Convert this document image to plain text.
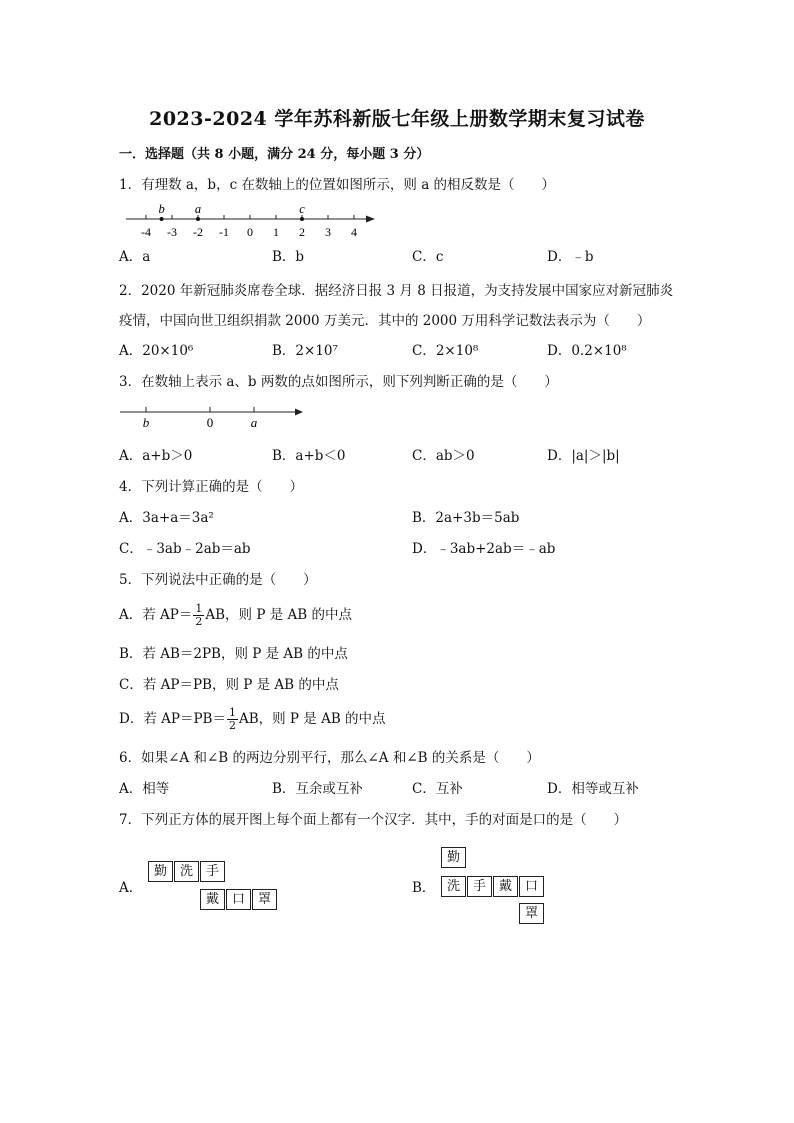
2023-2024 学年苏科新版七年级上册数学期末复习试卷
一．选择题（共 8 小题，满分 24 分，每小题 3 分）
1．有理数 a，b，c 在数轴上的位置如图所示，则 a 的相反数是（　　）
-4 -3 -2 -1 0 1 2 3 4
b a	c
A．a	B．b	C．c	D．﹣b
2．2020 年新冠肺炎席卷全球．据经济日报 3 月 8 日报道，为支持发展中国家应对新冠肺炎
疫情，中国向世卫组织捐款 2000 万美元．其中的 2000 万用科学记数法表示为（　　）
A．20×10⁶	B．2×10⁷	C．2×10⁸	D．0.2×10⁸
3．在数轴上表示 a、b 两数的点如图所示，则下列判断正确的是（　　）
b	0	a
A．a+b＞0	B．a+b＜0	C．ab＞0	D．|a|＞|b|
4．下列计算正确的是（　　）
A．3a+a＝3a²	B．2a+3b＝5ab
C．﹣3ab﹣2ab＝ab	D．﹣3ab+2ab＝﹣ab
5．下列说法中正确的是（　　）
A．若 $AP= \frac{1}{2}$ AB，则 P 是 AB 的中点
B．若 AB＝2PB，则 P 是 AB 的中点
C．若 AP＝PB，则 P 是 AB 的中点
D．若 $AP=PB= \frac{1}{2}$ AB，则 P 是 AB 的中点
6．如果∠A 和∠B 的两边分别平行，那么∠A 和∠B 的关系是（　　）
A．相等	B．互余或互补	C．互补	D．相等或互补
7．下列正方体的展开图上每个面上都有一个汉字．其中，手的对面是口的是（　　）
A．
勤 洗 手
戴 口 罩
B．
勤
洗 手 戴 口
罩
